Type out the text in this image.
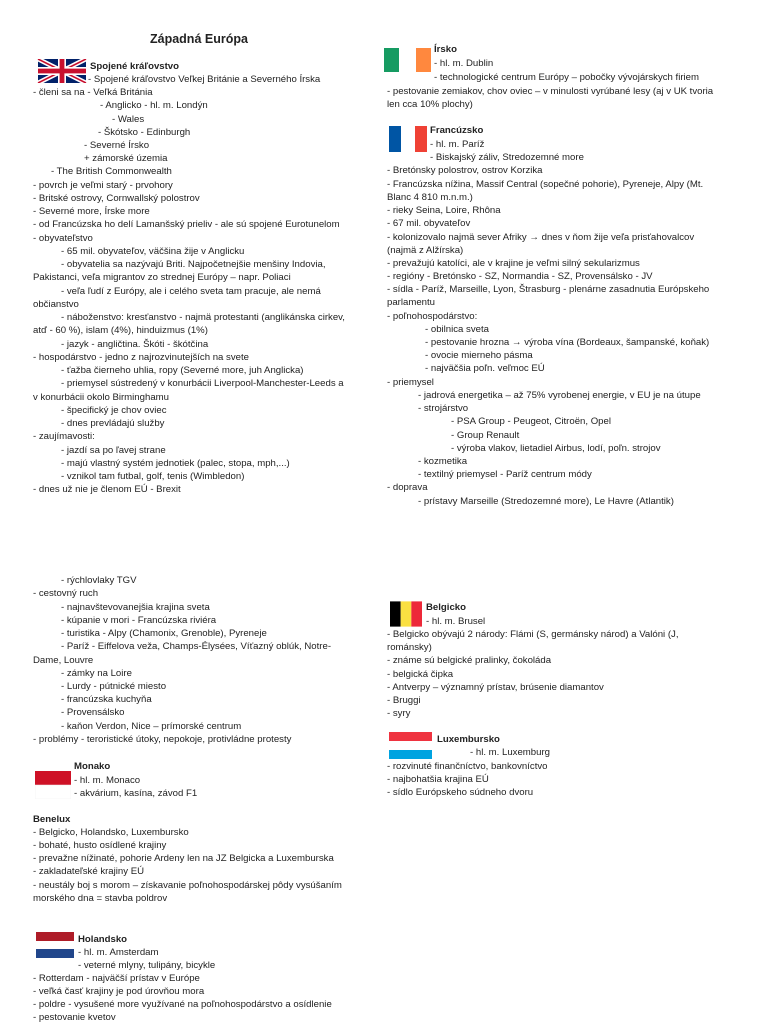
Západná Európa
Spojené kráľovstvo
- Spojené kráľovstvo Veľkej Británie a Severného Írska
- členi sa na - Veľká Británia
- Anglicko - hl. m. Londýn
- Wales
- Škótsko - Edinburgh
- Severné Írsko
+ zámorské územia
- The British Commonwealth
- povrch je veľmi starý - prvohory
- Britské ostrovy, Cornwallský polostrov
- Severné more, Írske more
- od Francúzska ho delí Lamanšský prieliv - ale sú spojené Eurotunelom
- obyvateľstvo
- 65 mil. obyvateľov, väčšina žije v Anglicku
- obyvatelia sa nazývajú Briti. Najpočetnejšie menšiny Indovia,
Pakistanci, veľa migrantov zo strednej Európy – napr. Poliaci
- veľa ľudí z Európy, ale i celého sveta tam pracuje, ale nemá
občianstvo
- náboženstvo: kresťanstvo - najmä protestanti (anglikánska cirkev,
atď - 60 %), islam (4%), hinduizmus (1%)
- jazyk - angličtina. Škóti - škótčina
- hospodárstvo - jedno z najrozvinutejších na svete
- ťažba čierneho uhlia, ropy (Severné more, juh Anglicka)
- priemysel sústredený v konurbácii Liverpool-Manchester-Leeds a
v konurbácii okolo Birminghamu
- špecifický je chov oviec
- dnes prevládajú služby
- zaujímavosti:
- jazdí sa po ľavej strane
- majú vlastný systém jednotiek (palec, stopa, mph,...)
- vznikol tam futbal, golf, tenis (Wimbledon)
- dnes už nie je členom EÚ - Brexit
Írsko
- hl. m. Dublin
- technologické centrum Európy – pobočky vývojárskych firiem
- pestovanie zemiakov, chov oviec – v minulosti vyrúbané lesy (aj v UK tvoria
len cca 10% plochy)
Francúzsko
- hl. m. Paríž
- Biskajský záliv, Stredozemné more
- Bretónsky polostrov, ostrov Korzika
- Francúzska nížina, Massif Central (sopečné pohorie), Pyreneje, Alpy (Mt.
Blanc 4 810 m.n.m.)
- rieky Seina, Loire, Rhôna
- 67 mil. obyvateľov
- kolonizovalo najmä sever Afriky → dnes v ňom žije veľa prisťahovalcov
(najmä z Alžírska)
- prevažujú katolíci, ale v krajine je veľmi silný sekularizmus
- regióny - Bretónsko - SZ, Normandia - SZ, Provensálsko - JV
- sídla - Paríž, Marseille, Lyon, Štrasburg - plenárne zasadnutia Európskeho
parlamentu
- poľnohospodárstvo:
- obilnica sveta
- pestovanie hrozna → výroba vína (Bordeaux, šampanské, koňak)
- ovocie mierneho pásma
- najväčšia poľn. veľmoc EÚ
- priemysel
- jadrová energetika – až 75% vyrobenej energie, v EU je na útupe
- strojárstvo
- PSA Group - Peugeot, Citroën, Opel
- Group Renault
- výroba vlakov, lietadiel Airbus, lodí, poľn. strojov
- kozmetika
- textilný priemysel - Paríž centrum módy
- doprava
- prístavy Marseille (Stredozemné more), Le Havre (Atlantik)
- rýchlovlaky TGV
- cestovný ruch
- najnavštevovanejšia krajina sveta
- kúpanie v mori - Francúzska riviéra
- turistika - Alpy (Chamonix, Grenoble), Pyreneje
- Paríž - Eiffelova veža, Champs-Élysées, Víťazný oblúk, Notre-
Dame, Louvre
- zámky na Loire
- Lurdy - pútnické miesto
- francúzska kuchyňa
- Provensálsko
- kaňon Verdon, Nice – prímorské centrum
- problémy - teroristické útoky, nepokoje, protivládne protesty
Monako
- hl. m. Monaco
- akvárium, kasína, závod F1
Benelux
- Belgicko, Holandsko, Luxembursko
- bohaté, husto osídlené krajiny
- prevažne nížinaté, pohorie Ardeny len na JZ Belgicka a Luxemburska
- zakladateľské krajiny EÚ
- neustály boj s morom – získavanie poľnohospodárskej pôdy vysúšaním
morského dna = stavba poldrov
Holandsko
- hl. m. Amsterdam
- veterné mlyny, tulipány, bicykle
- Rotterdam - najväčší prístav v Európe
- veľká časť krajiny je pod úrovňou mora
- poldre - vysušené more využívané na poľnohospodárstvo a osídlenie
- pestovanie kvetov
Belgicko
- hl. m. Brusel
- Belgicko obývajú 2 národy: Flámi (S, germánsky národ) a Valóni (J,
románsky)
- známe sú belgické pralinky, čokoláda
- belgická čipka
- Antverpy – významný prístav, brúsenie diamantov
- Bruggi
- syry
Luxembursko
- hl. m. Luxemburg
- rozvinuté finančníctvo, bankovníctvo
- najbohatšia krajina EÚ
- sídlo Európskeho súdneho dvoru
